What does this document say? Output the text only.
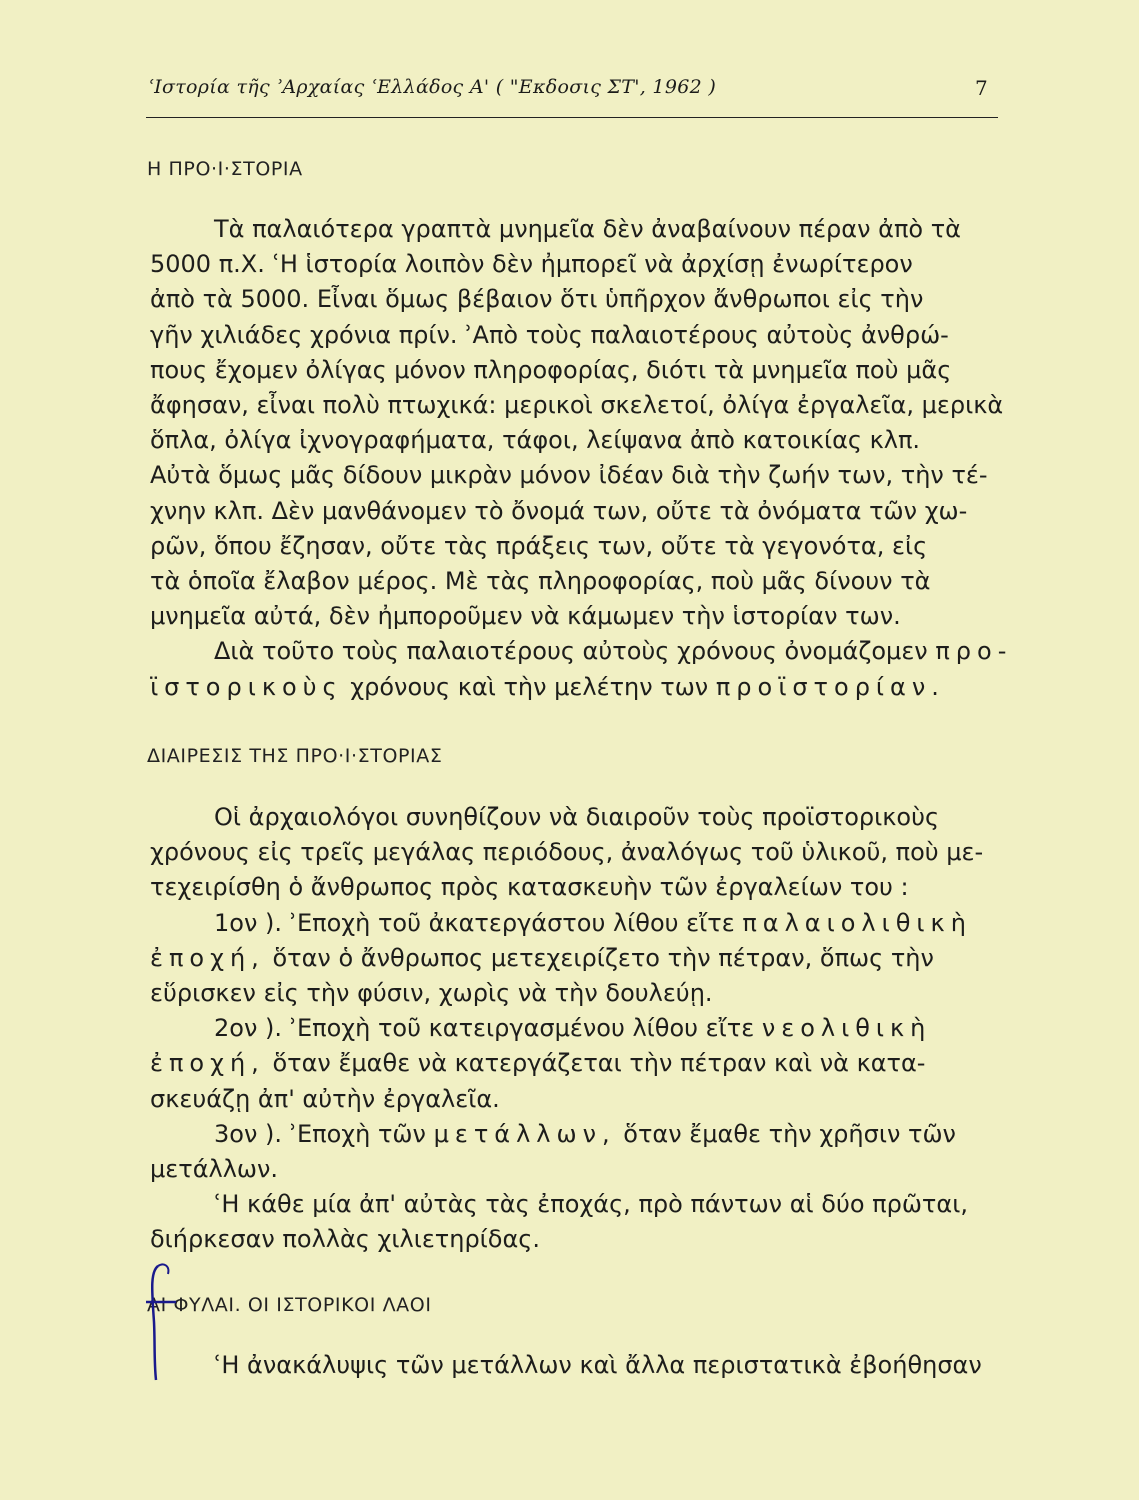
ʿΙστορία τῆς ʾΑρχαίας ʿΕλλάδος Α' ( "Εκδοσις ΣΤ', 1962 )	7
Η ΠΡΟ·Ι·ΣΤΟΡΙΑ
Τὰ παλαιότερα γραπτὰ μνημεῖα δὲν ἀναβαίνουν πέραν ἀπὸ τὰ
5000 π.Χ. ʿΗ ἱστορία λοιπὸν δὲν ἠμπορεῖ νὰ ἀρχίσῃ ἐνωρίτερον
ἀπὸ τὰ 5000. Εἶναι ὅμως βέβαιον ὅτι ὑπῆρχον ἄνθρωποι εἰς τὴν
γῆν χιλιάδες χρόνια πρίν. ʾΑπὸ τοὺς παλαιοτέρους αὐτοὺς ἀνθρώ-
πους ἔχομεν ὀλίγας μόνον πληροφορίας, διότι τὰ μνημεῖα ποὺ μᾶς
ἄφησαν, εἶναι πολὺ πτωχικά: μερικοὶ σκελετοί, ὀλίγα ἐργαλεῖα, μερικὰ
ὅπλα, ὀλίγα ἰχνογραφήματα, τάφοι, λείψανα ἀπὸ κατοικίας κλπ.
Αὐτὰ ὅμως μᾶς δίδουν μικρὰν μόνον ἰδέαν διὰ τὴν ζωήν των, τὴν τέ-
χνην κλπ. Δὲν μανθάνομεν τὸ ὄνομά των, οὔτε τὰ ὀνόματα τῶν χω-
ρῶν, ὅπου ἔζησαν, οὔτε τὰς πράξεις των, οὔτε τὰ γεγονότα, εἰς
τὰ ὁποῖα ἔλαβον μέρος. Μὲ τὰς πληροφορίας, ποὺ μᾶς δίνουν τὰ
μνημεῖα αὐτά, δὲν ἠμποροῦμεν νὰ κάμωμεν τὴν ἱστορίαν των.
Διὰ τοῦτο τοὺς παλαιοτέρους αὐτοὺς χρόνους ὀνομάζομεν προ-
ϊστορικοὺς χρόνους καὶ τὴν μελέτην των προϊστορίαν.
ΔΙΑΙΡΕΣΙΣ ΤΗΣ ΠΡΟ·Ι·ΣΤΟΡΙΑΣ
Οἱ ἀρχαιολόγοι συνηθίζουν νὰ διαιροῦν τοὺς προϊστορικοὺς
χρόνους εἰς τρεῖς μεγάλας περιόδους, ἀναλόγως τοῦ ὑλικοῦ, ποὺ με-
τεχειρίσθη ὁ ἄνθρωπος πρὸς κατασκευὴν τῶν ἐργαλείων του :
1ον ). ʾΕποχὴ τοῦ ἀκατεργάστου λίθου εἴτε παλαιολιθικὴ
ἐποχή, ὅταν ὁ ἄνθρωπος μετεχειρίζετο τὴν πέτραν, ὅπως τὴν
εὕρισκεν εἰς τὴν φύσιν, χωρὶς νὰ τὴν δουλεύῃ.
2ον ). ʾΕποχὴ τοῦ κατειργασμένου λίθου εἴτε νεολιθικὴ
ἐποχή, ὅταν ἔμαθε νὰ κατεργάζεται τὴν πέτραν καὶ νὰ κατα-
σκευάζῃ ἀπ' αὐτὴν ἐργαλεῖα.
3ον ). ʾΕποχὴ τῶν μετάλλων, ὅταν ἔμαθε τὴν χρῆσιν τῶν
μετάλλων.
ʿΗ κάθε μία ἀπ' αὐτὰς τὰς ἐποχάς, πρὸ πάντων αἱ δύο πρῶται,
διήρκεσαν πολλὰς χιλιετηρίδας.
ΑΙ ΦΥΛΑΙ. ΟΙ ΙΣΤΟΡΙΚΟΙ ΛΑΟΙ
ʿΗ ἀνακάλυψις τῶν μετάλλων καὶ ἄλλα περιστατικὰ ἐβοήθησαν
